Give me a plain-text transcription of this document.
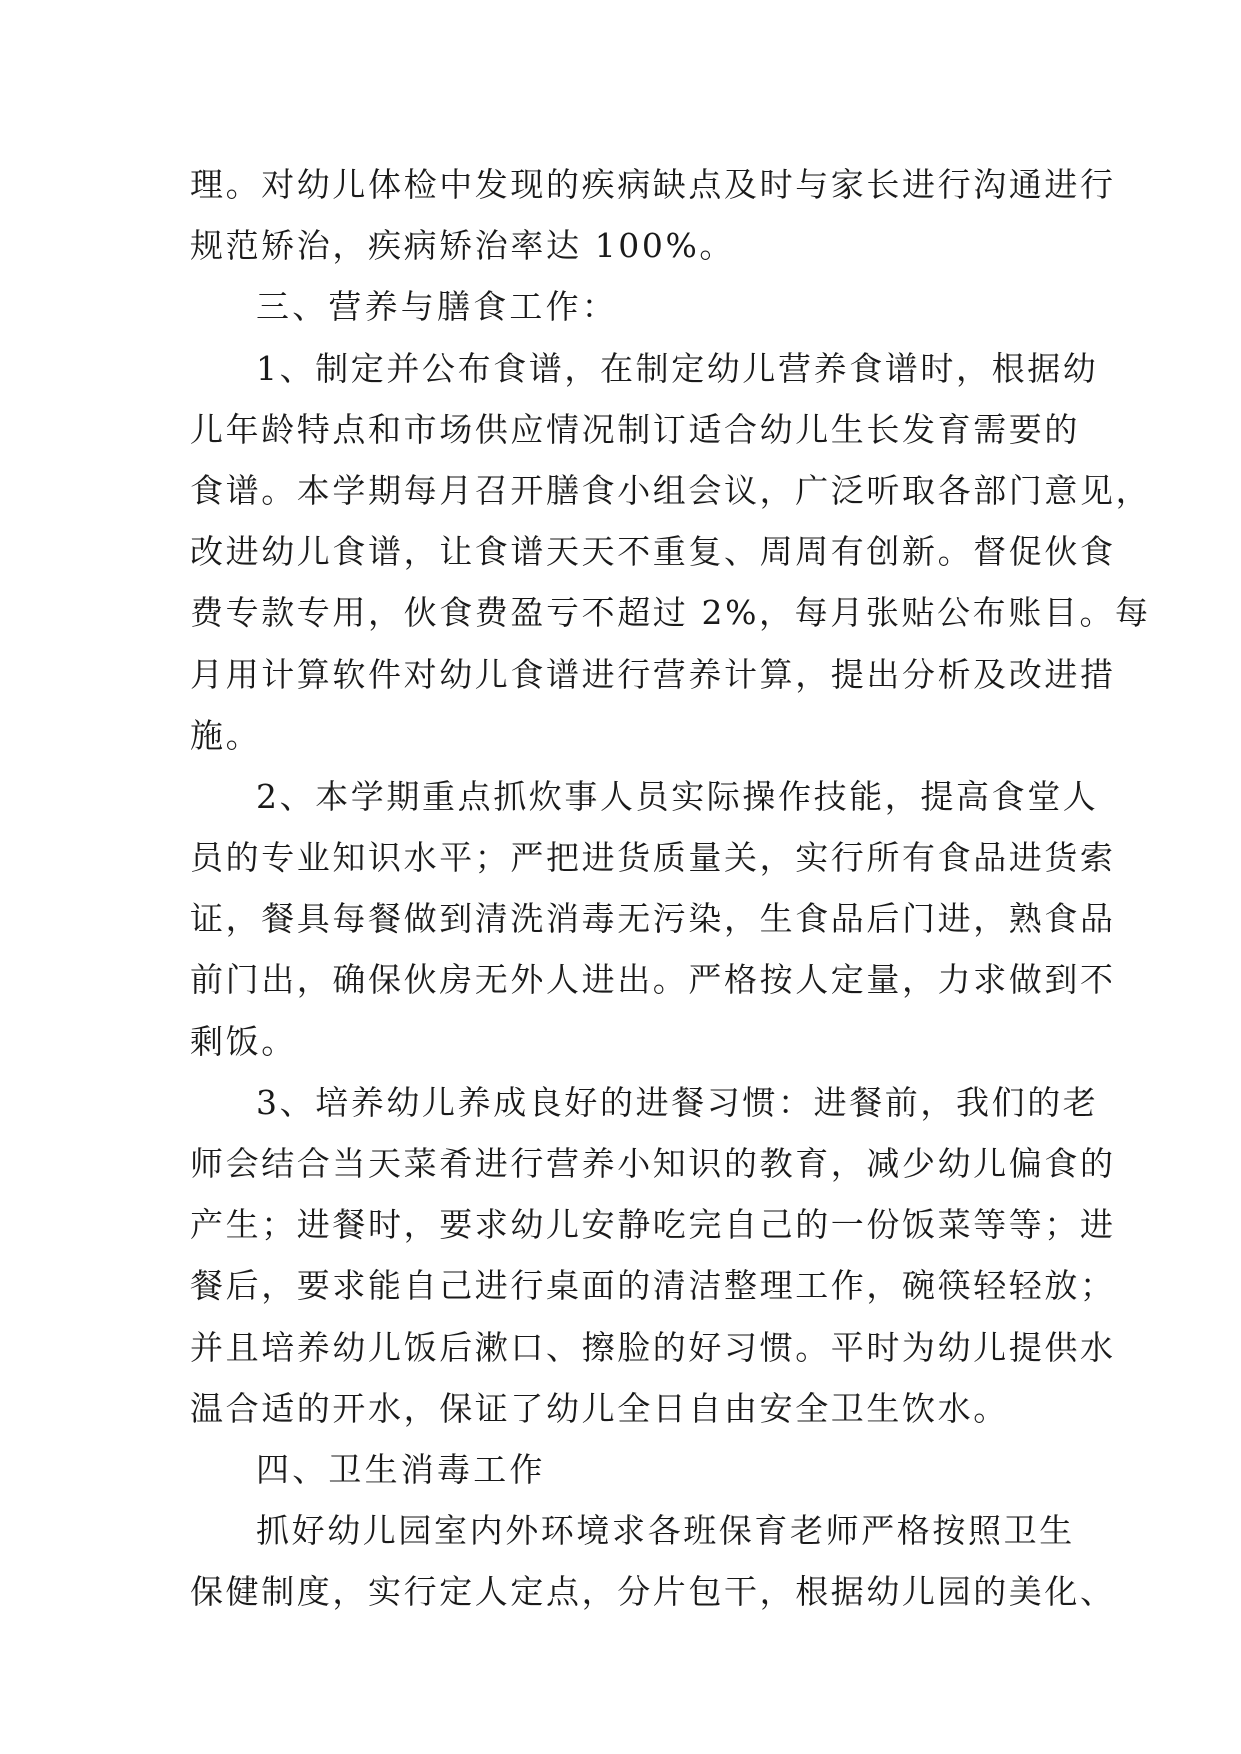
理。对幼儿体检中发现的疾病缺点及时与家长进行沟通进行
规范矫治，疾病矫治率达 100%。
三、营养与膳食工作：
1、制定并公布食谱，在制定幼儿营养食谱时，根据幼
儿年龄特点和市场供应情况制订适合幼儿生长发育需要的
食谱。本学期每月召开膳食小组会议，广泛听取各部门意见，
改进幼儿食谱，让食谱天天不重复、周周有创新。督促伙食
费专款专用，伙食费盈亏不超过 2%，每月张贴公布账目。每
月用计算软件对幼儿食谱进行营养计算，提出分析及改进措
施。
2、本学期重点抓炊事人员实际操作技能，提高食堂人
员的专业知识水平；严把进货质量关，实行所有食品进货索
证，餐具每餐做到清洗消毒无污染，生食品后门进，熟食品
前门出，确保伙房无外人进出。严格按人定量，力求做到不
剩饭。
3、培养幼儿养成良好的进餐习惯：进餐前，我们的老
师会结合当天菜肴进行营养小知识的教育，减少幼儿偏食的
产生；进餐时，要求幼儿安静吃完自己的一份饭菜等等；进
餐后，要求能自己进行桌面的清洁整理工作，碗筷轻轻放；
并且培养幼儿饭后漱口、擦脸的好习惯。平时为幼儿提供水
温合适的开水，保证了幼儿全日自由安全卫生饮水。
四、卫生消毒工作
抓好幼儿园室内外环境求各班保育老师严格按照卫生
保健制度，实行定人定点，分片包干，根据幼儿园的美化、
